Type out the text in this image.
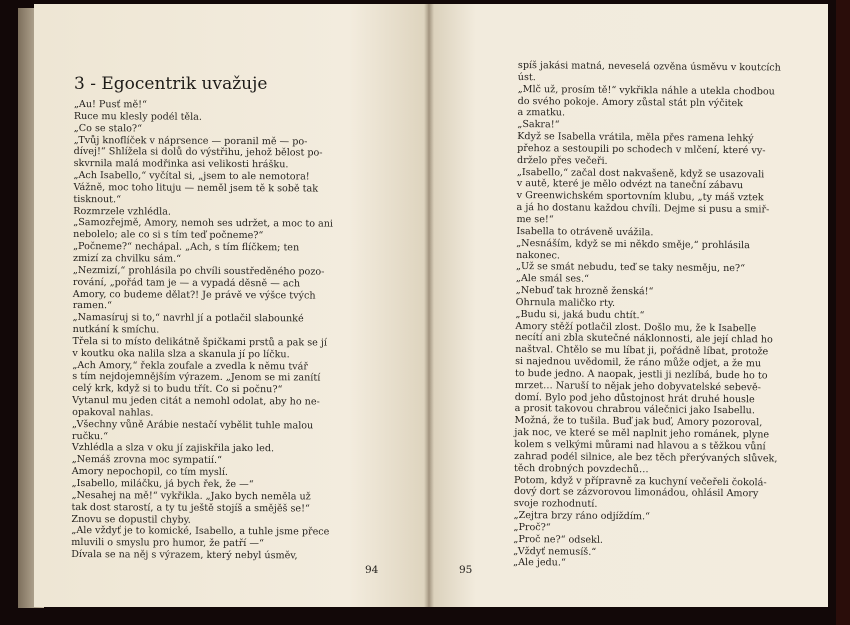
3 - Egocentrik uvažuje
„Au! Pusť mě!“
Ruce mu klesly podél těla.
„Co se stalo?“
„Tvůj knoflíček v náprsence — poranil mě — po-
dívej!“ Shlížela si dolů do výstřihu, jehož bělost po-
skvrnila malá modřinka asi velikosti hrášku.
„Ach Isabello,“ vyčítal si, „jsem to ale nemotora!
Vážně, moc toho lituju — neměl jsem tě k sobě tak
tisknout.“
Rozmrzele vzhlédla.
„Samozřejmě, Amory, nemoh ses udržet, a moc to ani
nebolelo; ale co si s tím teď počneme?“
„Počneme?“ nechápal. „Ach, s tím flíčkem; ten
zmizí za chvilku sám.“
„Nezmizí,“ prohlásila po chvíli soustředěného pozo-
rování, „pořád tam je — a vypadá děsně — ach
Amory, co budeme dělat?! Je právě ve výšce tvých
ramen.“
„Namasíruj si to,“ navrhl jí a potlačil slabounké
nutkání k smíchu.
Třela si to místo delikátně špičkami prstů a pak se jí
v koutku oka nalila slza a skanula jí po líčku.
„Ach Amory,“ řekla zoufale a zvedla k němu tvář
s tím nejdojemnějším výrazem. „Jenom se mi zanítí
celý krk, když si to budu třít. Co si počnu?“
Vytanul mu jeden citát a nemohl odolat, aby ho ne-
opakoval nahlas.
„Všechny vůně Arábie nestačí vybělit tuhle malou
ručku.“
Vzhlédla a slza v oku jí zajiskřila jako led.
„Nemáš zrovna moc sympatií.“
Amory nepochopil, co tím myslí.
„Isabello, miláčku, já bych řek, že —“
„Nesahej na mě!“ vykřikla. „Jako bych neměla už
tak dost starostí, a ty tu ještě stojíš a smějěš se!“
Znovu se dopustil chyby.
„Ale vždyť je to komické, Isabello, a tuhle jsme přece
mluvili o smyslu pro humor, že patří —“
Dívala se na něj s výrazem, který nebyl úsměv,
94
spíš jakási matná, neveselá ozvěna úsměvu v koutcích
úst.
„Mlč už, prosím tě!“ vykřikla náhle a utekla chodbou
do svého pokoje. Amory zůstal stát pln výčitek
a zmatku.
„Sakra!“
Když se Isabella vrátila, měla přes ramena lehký
přehoz a sestoupili po schodech v mlčení, které vy-
drželo přes večeři.
„Isabello,“ začal dost nakvašeně, když se usazovali
v autě, které je mělo odvézt na taneční zábavu
v Greenwichském sportovním klubu, „ty máš vztek
a já ho dostanu každou chvíli. Dejme si pusu a smiř-
me se!“
Isabella to otráveně uvážila.
„Nesnáším, když se mi někdo směje,“ prohlásila
nakonec.
„Už se smát nebudu, teď se taky nesměju, ne?“
„Ale smál ses.“
„Nebuď tak hrozně ženská!“
Ohrnula maličko rty.
„Budu si, jaká budu chtít.“
Amory stěží potlačil zlost. Došlo mu, že k Isabelle
necítí ani zbla skutečné náklonnosti, ale její chlad ho
naštval. Chtělo se mu líbat ji, pořádně líbat, protože
si najednou uvědomil, že ráno může odjet, a že mu
to bude jedno. A naopak, jestli ji nezlíbá, bude ho to
mrzet… Naruší to nějak jeho dobyvatelské sebevě-
domí. Bylo pod jeho důstojnost hrát druhé housle
a prosit takovou chrabrou válečnici jako Isabellu.
Možná, že to tušila. Buď jak buď, Amory pozoroval,
jak noc, ve které se měl naplnit jeho románek, plyne
kolem s velkými můrami nad hlavou a s těžkou vůní
zahrad podél silnice, ale bez těch přerývaných slůvek,
těch drobných povzdechů…
Potom, když v přípravně za kuchyní večeřeli čokolá-
dový dort se zázvorovou limonádou, ohlásil Amory
svoje rozhodnutí.
„Zejtra brzy ráno odjíždím.“
„Proč?“
„Proč ne?“ odsekl.
„Vždyť nemusíš.“
„Ale jedu.“
95
